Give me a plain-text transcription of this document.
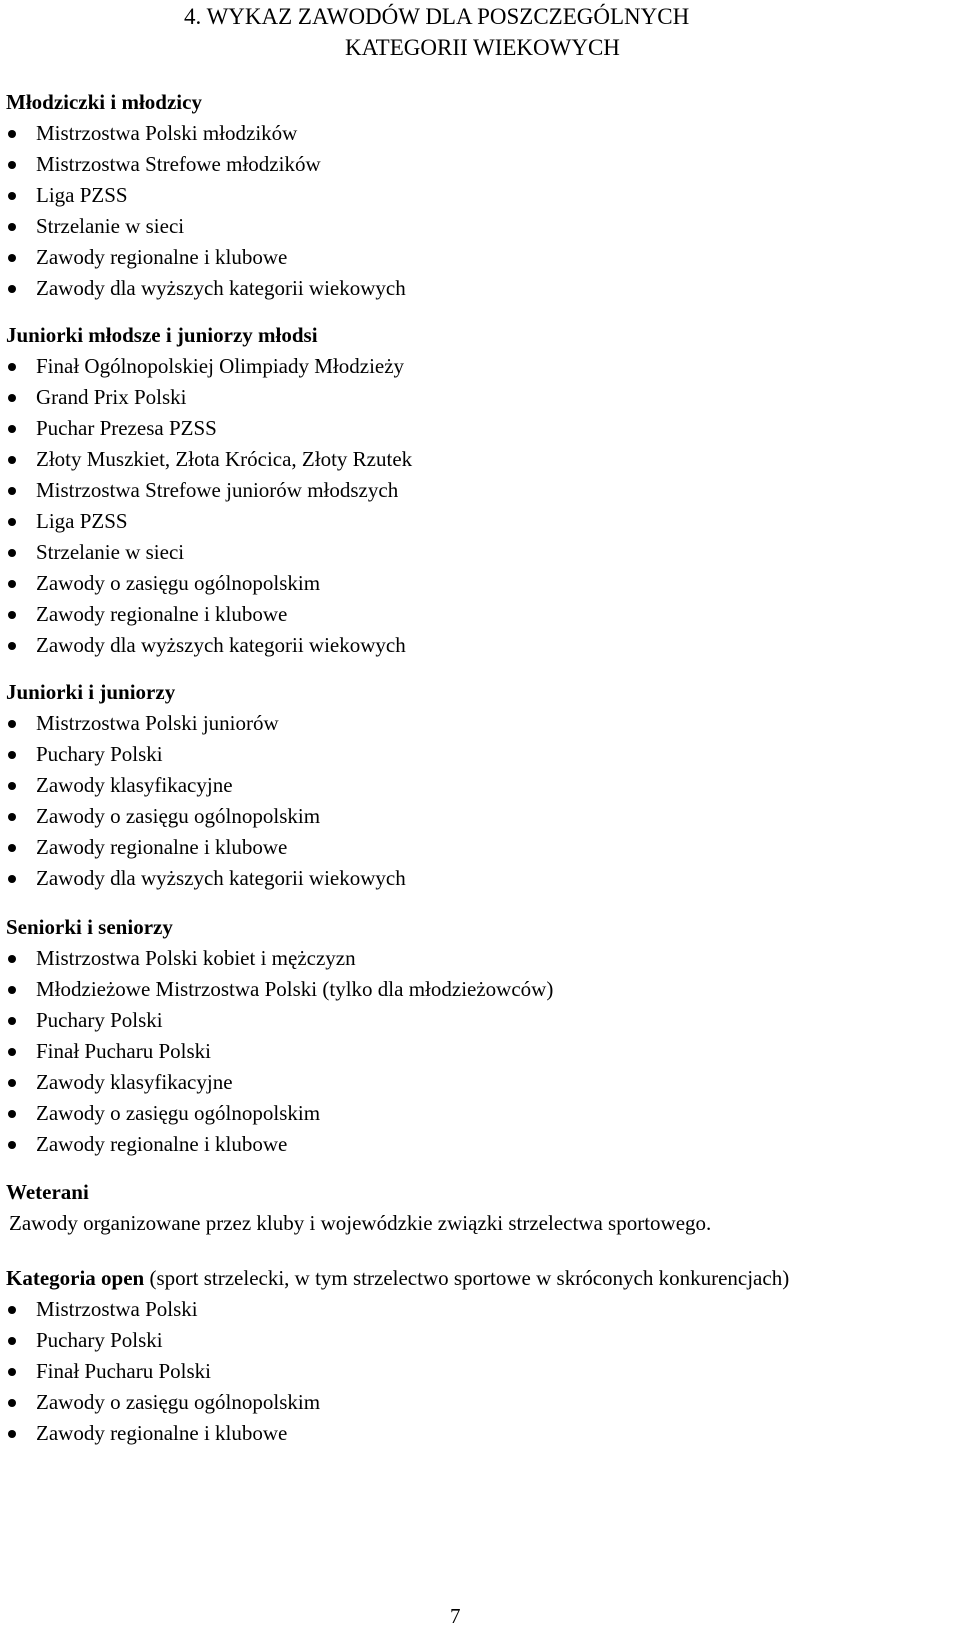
4. WYKAZ ZAWODÓW DLA POSZCZEGÓLNYCH
KATEGORII WIEKOWYCH
Młodziczki i młodzicy
Mistrzostwa Polski młodzików
Mistrzostwa Strefowe młodzików
Liga PZSS
Strzelanie w sieci
Zawody regionalne i klubowe
Zawody dla wyższych kategorii wiekowych
Juniorki młodsze i juniorzy młodsi
Finał Ogólnopolskiej Olimpiady Młodzieży
Grand Prix Polski
Puchar Prezesa PZSS
Złoty Muszkiet, Złota Krócica, Złoty Rzutek
Mistrzostwa Strefowe juniorów młodszych
Liga PZSS
Strzelanie w sieci
Zawody o zasięgu ogólnopolskim
Zawody regionalne i klubowe
Zawody dla wyższych kategorii wiekowych
Juniorki i juniorzy
Mistrzostwa Polski juniorów
Puchary Polski
Zawody klasyfikacyjne
Zawody o zasięgu ogólnopolskim
Zawody regionalne i klubowe
Zawody dla wyższych kategorii wiekowych
Seniorki i seniorzy
Mistrzostwa Polski kobiet i mężczyzn
Młodzieżowe Mistrzostwa Polski (tylko dla młodzieżowców)
Puchary Polski
Finał Pucharu Polski
Zawody klasyfikacyjne
Zawody o zasięgu ogólnopolskim
Zawody regionalne i klubowe
Weterani
Zawody organizowane przez kluby i wojewódzkie związki strzelectwa sportowego.
Kategoria open (sport strzelecki, w tym strzelectwo sportowe w skróconych konkurencjach)
Mistrzostwa Polski
Puchary Polski
Finał Pucharu Polski
Zawody o zasięgu ogólnopolskim
Zawody regionalne i klubowe
7
